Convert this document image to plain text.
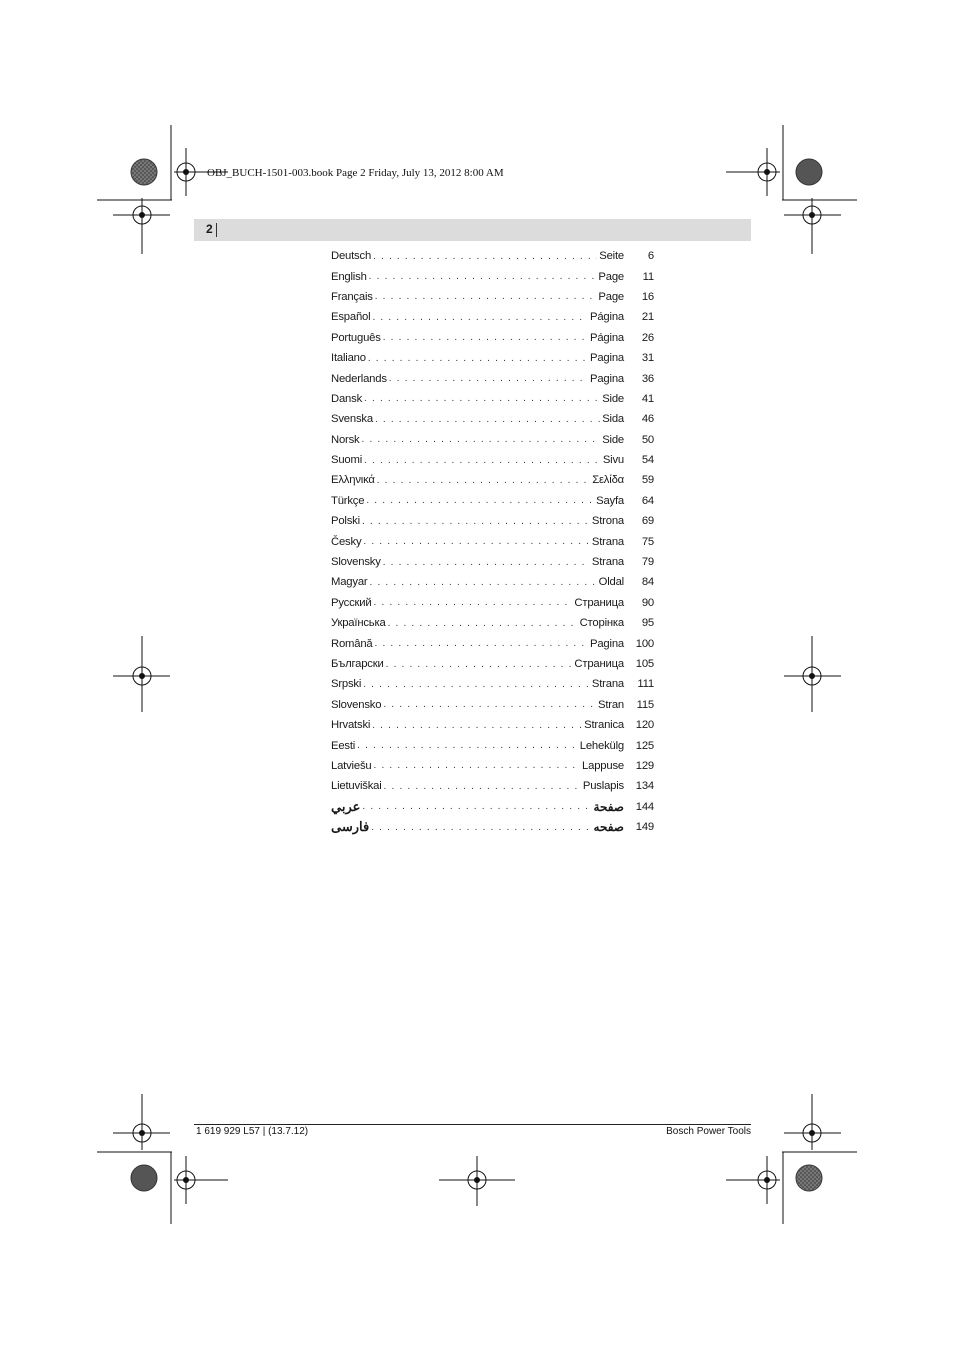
OBJ_BUCH-1501-003.book Page 2 Friday, July 13, 2012 8:00 AM
2
Deutsch . . .	Seite	6
English . . .	Page	11
Français . . .	Page	16
Español . . .	Página	21
Português . . .	Página	26
Italiano . . .	Pagina	31
Nederlands . . .	Pagina	36
Dansk . . .	Side	41
Svenska . . .	Sida	46
Norsk . . .	Side	50
Suomi . . .	Sivu	54
Ελληνικά . . .	Σελίδα	59
Türkçe . . .	Sayfa	64
Polski . . .	Strona	69
Česky . . .	Strana	75
Slovensky . . .	Strana	79
Magyar . . .	Oldal	84
Русский . . .	Страница	90
Українська . . .	Сторінка	95
Română . . .	Pagina	100
Български . . .	Страница	105
Srpski . . .	Strana	111
Slovensko . . .	Stran	115
Hrvatski . . .	Stranica	120
Eesti . . .	Lehekülg	125
Latviešu . . .	Lappuse	129
Lietuviškai . . .	Puslapis	134
عربي . . .	صفحة	144
فارسی . . .	صفحه	149
1 619 929 L57 | (13.7.12)	Bosch Power Tools
